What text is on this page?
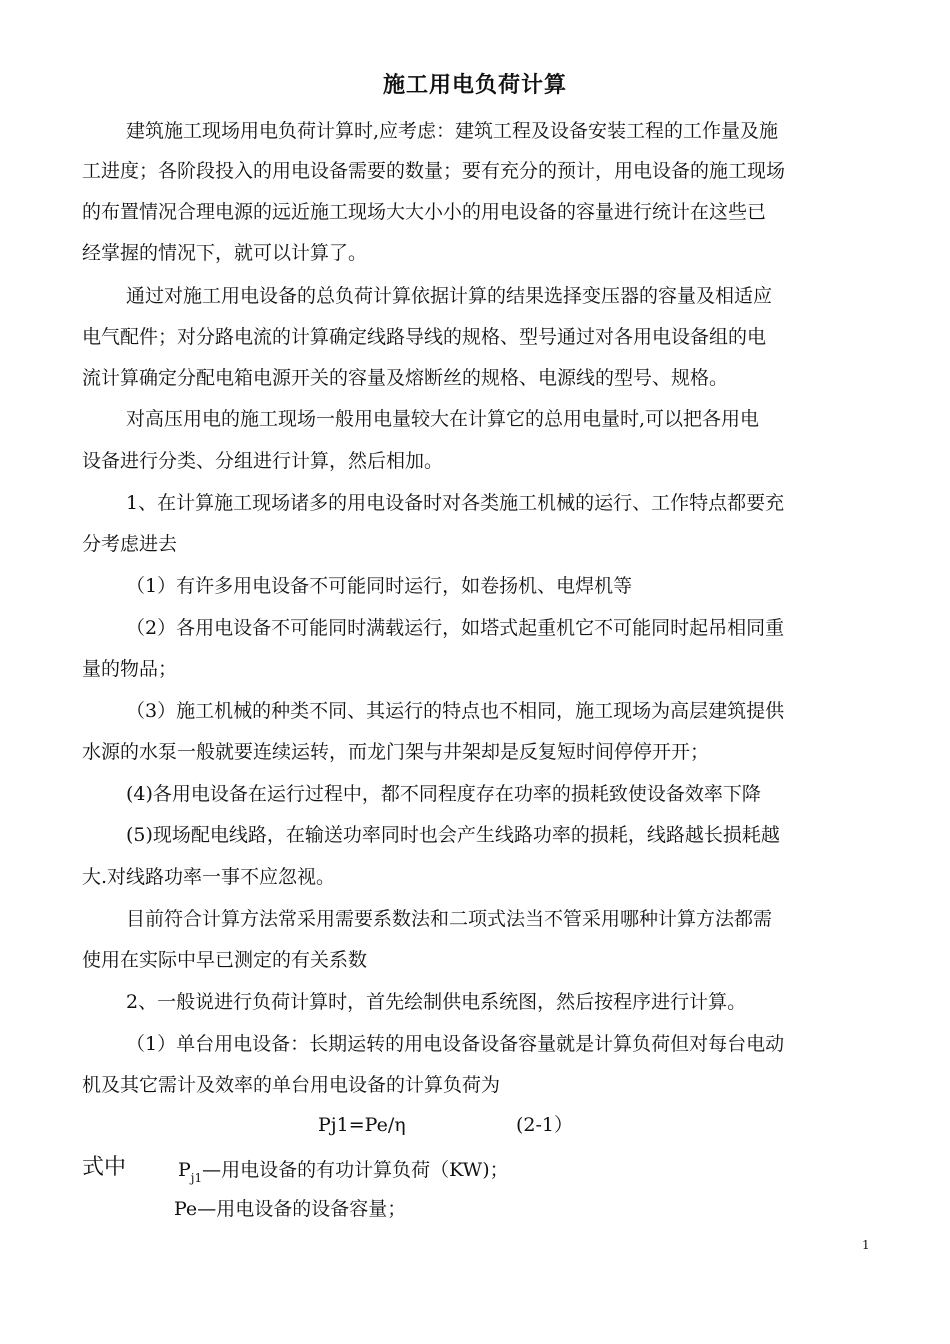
施工用电负荷计算
建筑施工现场用电负荷计算时,应考虑：建筑工程及设备安装工程的工作量及施
工进度；各阶段投入的用电设备需要的数量；要有充分的预计，用电设备的施工现场
的布置情况合理电源的远近施工现场大大小小的用电设备的容量进行统计在这些已
经掌握的情况下，就可以计算了。
通过对施工用电设备的总负荷计算依据计算的结果选择变压器的容量及相适应
电气配件；对分路电流的计算确定线路导线的规格、型号通过对各用电设备组的电
流计算确定分配电箱电源开关的容量及熔断丝的规格、电源线的型号、规格。
对高压用电的施工现场一般用电量较大在计算它的总用电量时,可以把各用电
设备进行分类、分组进行计算，然后相加。
1、在计算施工现场诸多的用电设备时对各类施工机械的运行、工作特点都要充
分考虑进去
（1）有许多用电设备不可能同时运行，如卷扬机、电焊机等
（2）各用电设备不可能同时满载运行，如塔式起重机它不可能同时起吊相同重
量的物品；
（3）施工机械的种类不同、其运行的特点也不相同，施工现场为高层建筑提供
水源的水泵一般就要连续运转，而龙门架与井架却是反复短时间停停开开；
(4)各用电设备在运行过程中，都不同程度存在功率的损耗致使设备效率下降
(5)现场配电线路，在输送功率同时也会产生线路功率的损耗，线路越长损耗越
大.对线路功率一事不应忽视。
目前符合计算方法常采用需要系数法和二项式法当不管采用哪种计算方法都需
使用在实际中早已测定的有关系数
2、一般说进行负荷计算时，首先绘制供电系统图，然后按程序进行计算。
（1）单台用电设备：长期运转的用电设备设备容量就是计算负荷但对每台电动
机及其它需计及效率的单台用电设备的计算负荷为
Pj1=Pe/η	(2-1）
式中	$P_{j1}—$用电设备的有功计算负荷（KW)；
Pe—用电设备的设备容量；
1
